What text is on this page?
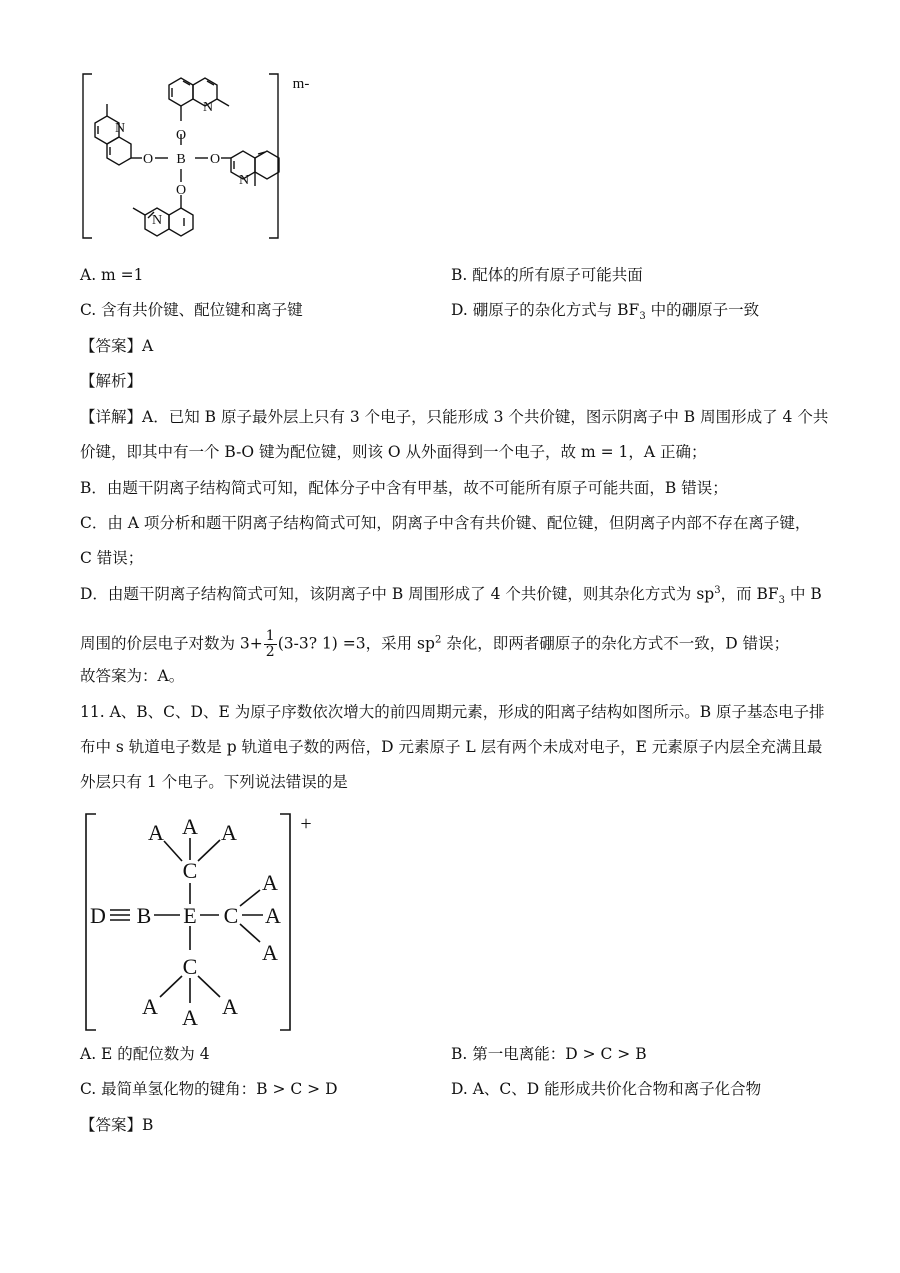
B
O
O
O	O
N
N
N
N
m-
A. m =1	B. 配体的所有原子可能共面
C. 含有共价键、配位键和离子键	D. 硼原子的杂化方式与 $BF_3$ 中的硼原子一致
【答案】A
【解析】
【详解】A．已知 B 原子最外层上只有 3 个电子，只能形成 3 个共价键，图示阴离子中 B 周围形成了 4 个共
价键，即其中有一个 B-O 键为配位键，则该 O 从外面得到一个电子，故 m = 1，A 正确；
B．由题干阴离子结构简式可知，配体分子中含有甲基，故不可能所有原子可能共面，B 错误；
C．由 A 项分析和题干阴离子结构简式可知，阴离子中含有共价键、配位键，但阴离子内部不存在离子键，
C 错误；
D．由题干阴离子结构简式可知，该阴离子中 B 周围形成了 4 个共价键，则其杂化方式为 $sp^3$，而 $BF_3$ 中 B
周围的价层电子对数为 $3+ \frac{1}{2} (3-3$? 1) =3，采用 $sp^2$ 杂化，即两者硼原子的杂化方式不一致，D 错误；
故答案为：A。
11. A、B、C、D、E 为原子序数依次增大的前四周期元素，形成的阳离子结构如图所示。B 原子基态电子排
布中 s 轨道电子数是 p 轨道电子数的两倍，D 元素原子 L 层有两个未成对电子，E 元素原子内层全充满且最
外层只有 1 个电子。下列说法错误的是
D B E C
C
C
A
A	A
A
A
A
A A A
+
A. E 的配位数为 4	B. 第一电离能：D > C > B
C. 最简单氢化物的键角：B > C > D	D. A、C、D 能形成共价化合物和离子化合物
【答案】B
